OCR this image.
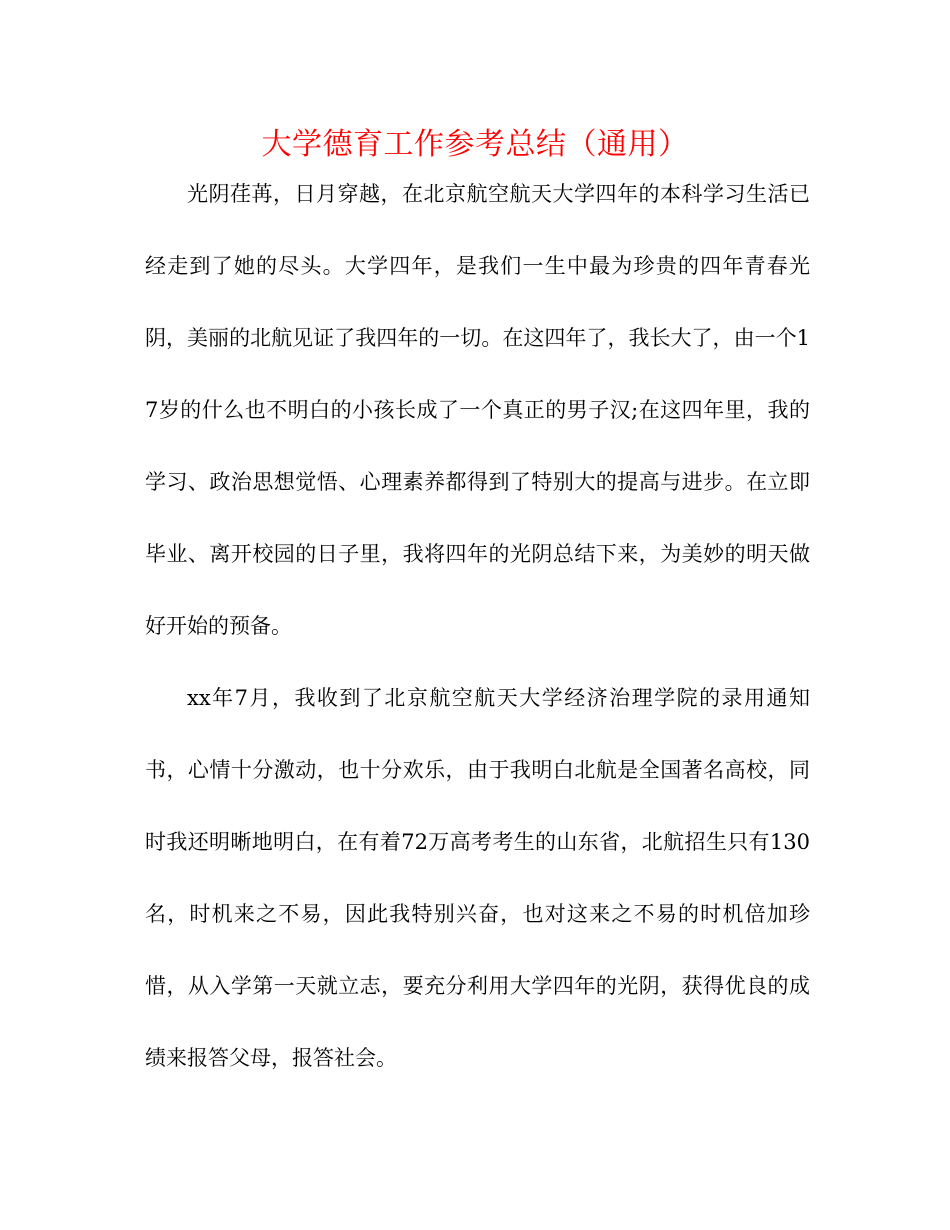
大学德育工作参考总结（通用）

光阴荏苒，日月穿越，在北京航空航天大学四年的本科学习生活已经走到了她的尽头。大学四年，是我们一生中最为珍贵的四年青春光阴，美丽的北航见证了我四年的一切。在这四年了，我长大了，由一个17岁的什么也不明白的小孩长成了一个真正的男子汉;在这四年里，我的学习、政治思想觉悟、心理素养都得到了特别大的提高与进步。在立即毕业、离开校园的日子里，我将四年的光阴总结下来，为美妙的明天做好开始的预备。

xx年7月，我收到了北京航空航天大学经济治理学院的录用通知书，心情十分激动，也十分欢乐，由于我明白北航是全国著名高校，同时我还明晰地明白，在有着72万高考考生的山东省，北航招生只有130名，时机来之不易，因此我特别兴奋，也对这来之不易的时机倍加珍惜，从入学第一天就立志，要充分利用大学四年的光阴，获得优良的成绩来报答父母，报答社会。
